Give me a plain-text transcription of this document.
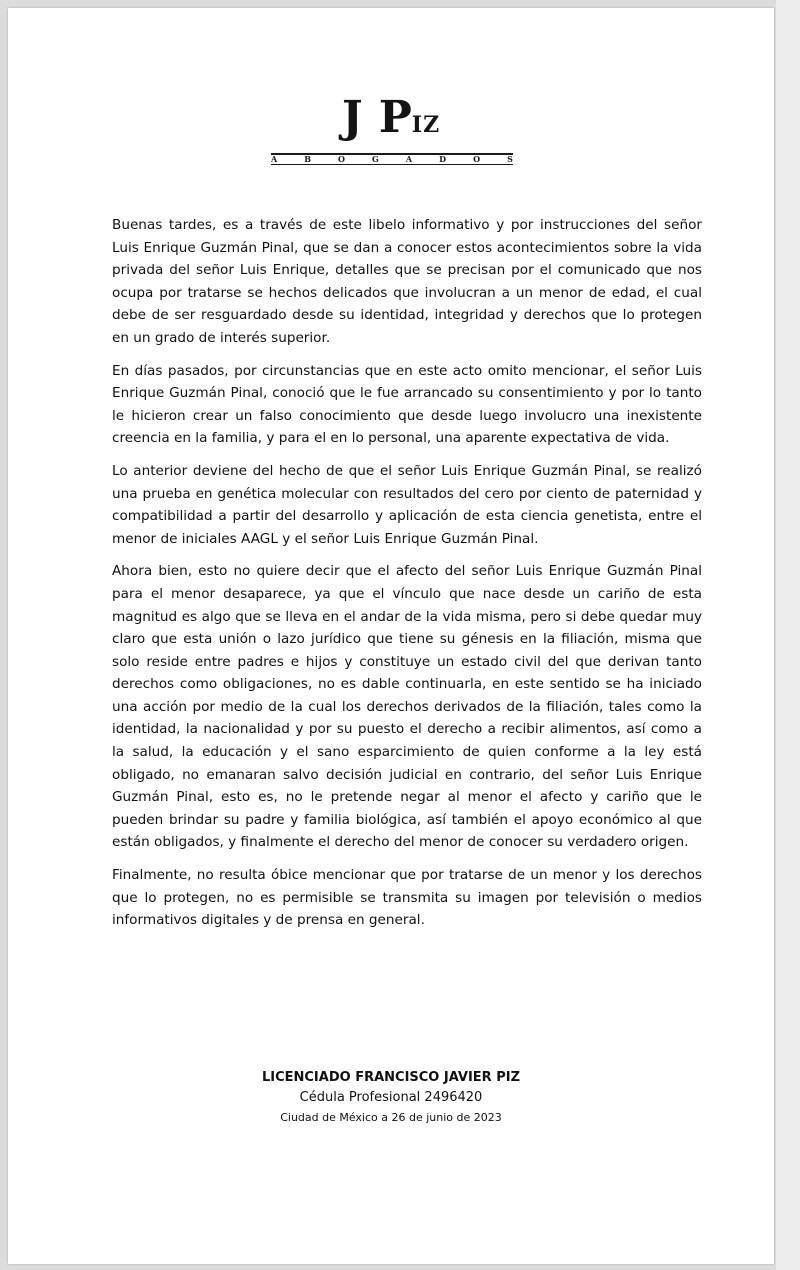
J PIZ
A	B	O	G	A	D	O	S

Buenas tardes, es a través de este libelo informativo y por instrucciones del señor Luis Enrique Guzmán Pinal, que se dan a conocer estos acontecimientos sobre la vida privada del señor Luis Enrique, detalles que se precisan por el comunicado que nos ocupa por tratarse se hechos delicados que involucran a un menor de edad, el cual debe de ser resguardado desde su identidad, integridad y derechos que lo protegen en un grado de interés superior.

En días pasados, por circunstancias que en este acto omito mencionar, el señor Luis Enrique Guzmán Pinal, conoció que le fue arrancado su consentimiento y por lo tanto le hicieron crear un falso conocimiento que desde luego involucro una inexistente creencia en la familia, y para el en lo personal, una aparente expectativa de vida.

Lo anterior deviene del hecho de que el señor Luis Enrique Guzmán Pinal, se realizó una prueba en genética molecular con resultados del cero por ciento de paternidad y compatibilidad a partir del desarrollo y aplicación de esta ciencia genetista, entre el menor de iniciales AAGL y el señor Luis Enrique Guzmán Pinal.

Ahora bien, esto no quiere decir que el afecto del señor Luis Enrique Guzmán Pinal para el menor desaparece, ya que el vínculo que nace desde un cariño de esta magnitud es algo que se lleva en el andar de la vida misma, pero si debe quedar muy claro que esta unión o lazo jurídico que tiene su génesis en la filiación, misma que solo reside entre padres e hijos y constituye un estado civil del que derivan tanto derechos como obligaciones, no es dable continuarla, en este sentido se ha iniciado una acción por medio de la cual los derechos derivados de la filiación, tales como la identidad, la nacionalidad y por su puesto el derecho a recibir alimentos, así como a la salud, la educación y el sano esparcimiento de quien conforme a la ley está obligado, no emanaran salvo decisión judicial en contrario, del señor Luis Enrique Guzmán Pinal, esto es, no le pretende negar al menor el afecto y cariño que le pueden brindar su padre y familia biológica, así también el apoyo económico al que están obligados, y finalmente el derecho del menor de conocer su verdadero origen.

Finalmente, no resulta óbice mencionar que por tratarse de un menor y los derechos que lo protegen, no es permisible se transmita su imagen por televisión o medios informativos digitales y de prensa en general.

LICENCIADO FRANCISCO JAVIER PIZ
Cédula Profesional 2496420
Ciudad de México a 26 de junio de 2023
